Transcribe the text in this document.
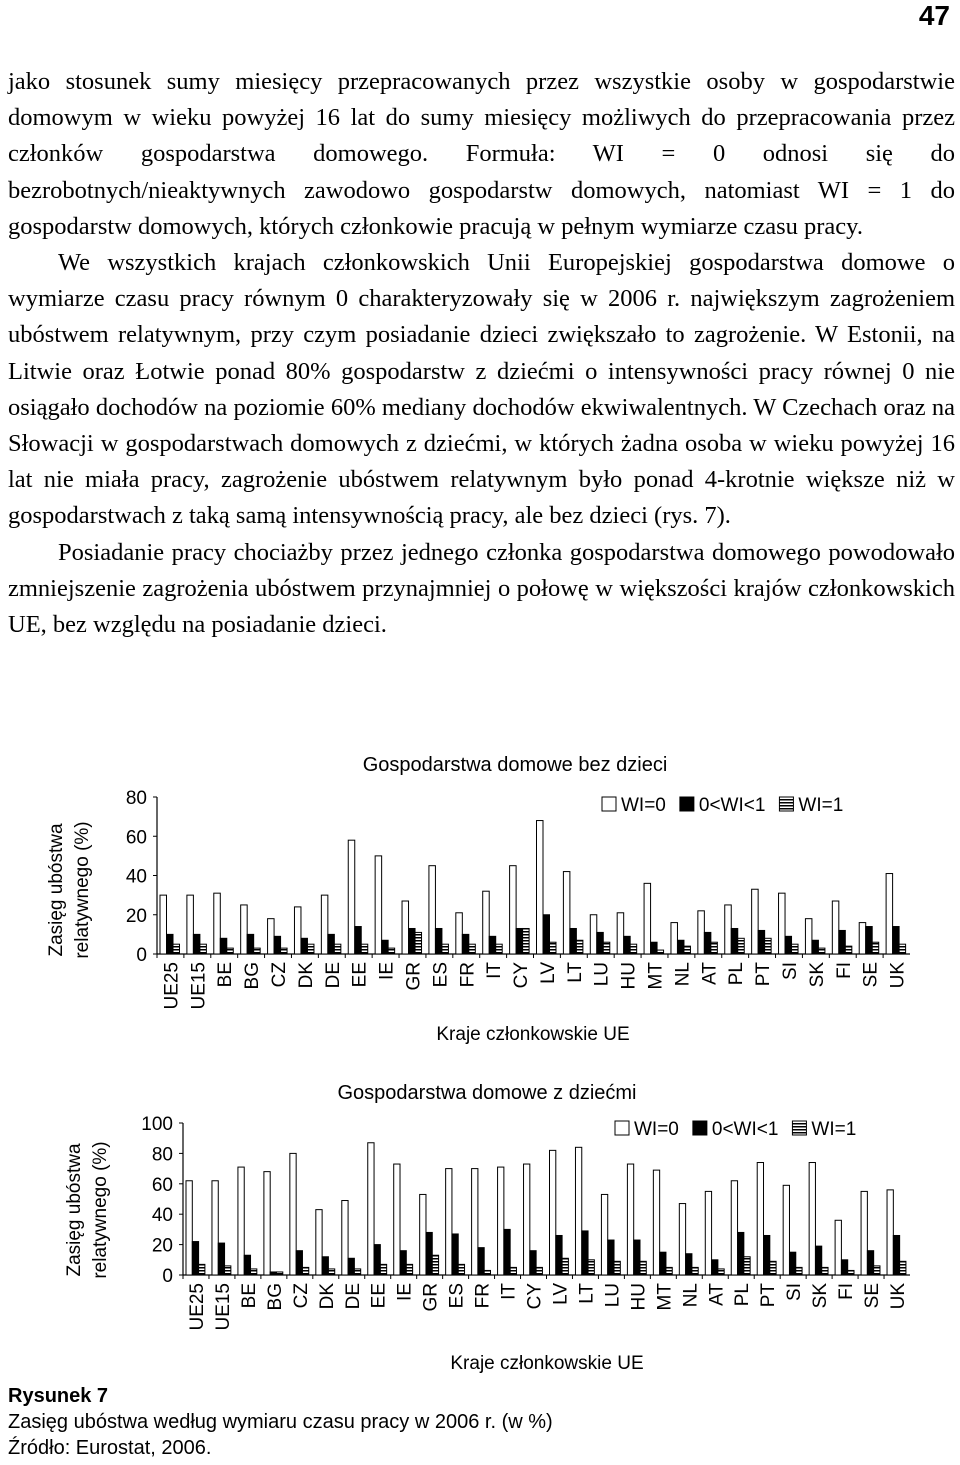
47

jako stosunek sumy miesięcy przepracowanych przez wszystkie osoby w gospodarstwie domowym w wieku powyżej 16 lat do sumy miesięcy możliwych do przepracowania przez członków gospodarstwa domowego. Formuła: WI = 0 odnosi się do bezrobotnych/nieaktywnych zawodowo gospodarstw domowych, natomiast WI = 1 do gospodarstw domowych, których członkowie pracują w pełnym wymiarze czasu pracy.

We wszystkich krajach członkowskich Unii Europejskiej gospodarstwa domowe o wymiarze czasu pracy równym 0 charakteryzowały się w 2006 r. największym zagrożeniem ubóstwem relatywnym, przy czym posiadanie dzieci zwiększało to zagrożenie. W Estonii, na Litwie oraz Łotwie ponad 80% gospodarstw z dziećmi o intensywności pracy równej 0 nie osiągało dochodów na poziomie 60% mediany dochodów ekwiwalentnych. W Czechach oraz na Słowacji w gospodarstwach domowych z dziećmi, w których żadna osoba w wieku powyżej 16 lat nie miała pracy, zagrożenie ubóstwem relatywnym było ponad 4-krotnie większe niż w gospodarstwach z taką samą intensywnością pracy, ale bez dzieci (rys. 7).

Posiadanie pracy chociażby przez jednego członka gospodarstwa domowego powodowało zmniejszenie zagrożenia ubóstwem przynajmniej o połowę w większości krajów członkowskich UE, bez względu na posiadanie dzieci.

Gospodarstwa domowe bez dzieci
Zasięg ubóstwa relatywnego (%) 0
20
40
60
80
UE25 UE15 BE BG CZ DK DE EE IE GR ES FR IT CY LV LT LU HU MT NL AT PL PT SI SK FI SE UK
Kraje członkowskie UE
WI=0 0<WI<1 WI=1
Gospodarstwa domowe z dziećmi
Zasięg ubóstwa relatywnego (%)	0
20
40
60
80
100
UE25 UE15 BE BG CZ DK DE EE IE GR ES FR IT CY LV LT LU HU MT NL AT PL PT SI SK FI SE UK
Kraje członkowskie UE
WI=0 0<WI<1 WI=1
Rysunek 7
Zasięg ubóstwa według wymiaru czasu pracy w 2006 r. (w %)
Źródło: Eurostat, 2006.
